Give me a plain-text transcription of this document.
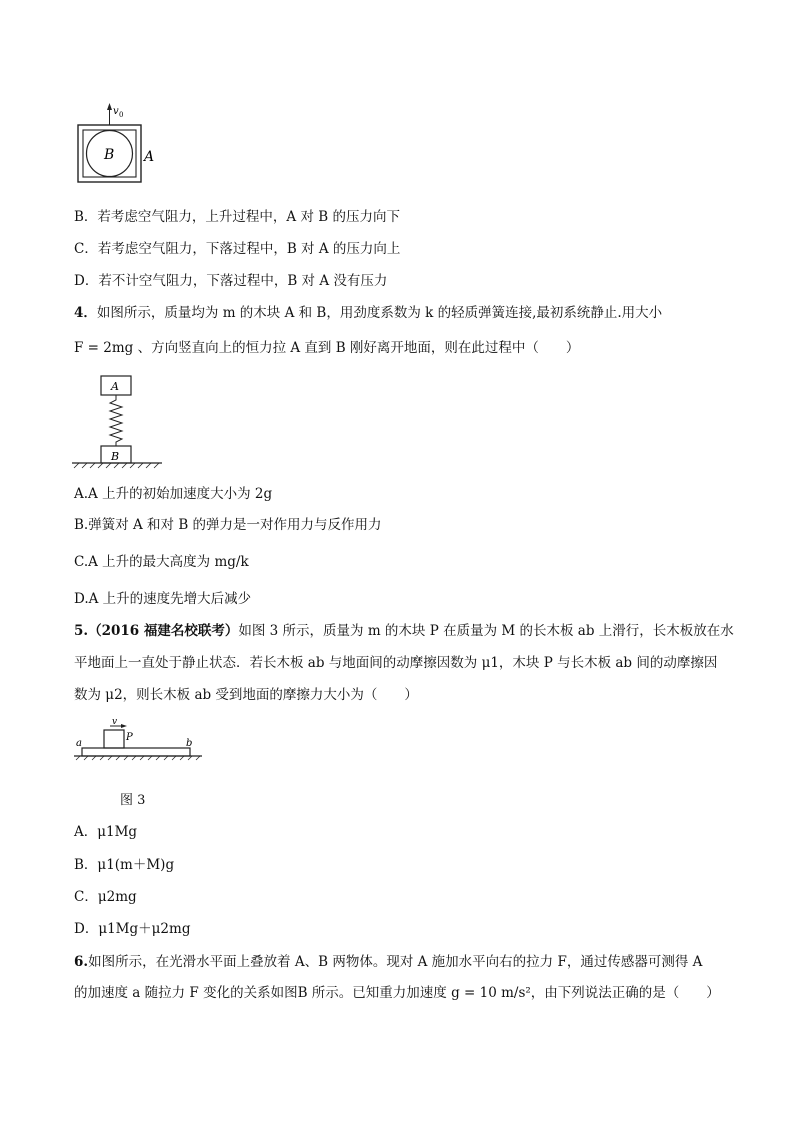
v 0
B A
B．若考虑空气阻力，上升过程中，A 对 B 的压力向下
C．若考虑空气阻力，下落过程中，B 对 A 的压力向上
D．若不计空气阻力，下落过程中，B 对 A 没有压力
4．如图所示，质量均为 m 的木块 A 和 B，用劲度系数为 k 的轻质弹簧连接,最初系统静止.用大小
F = 2mg 、方向竖直向上的恒力拉 A 直到 B 刚好离开地面，则在此过程中（　　）
A
B
A.A 上升的初始加速度大小为 2g
B.弹簧对 A 和对 B 的弹力是一对作用力与反作用力
C.A 上升的最大高度为 mg/k
D.A 上升的速度先增大后减少
5.（2016 福建名校联考）如图 3 所示，质量为 m 的木块 P 在质量为 M 的长木板 ab 上滑行，长木板放在水
平地面上一直处于静止状态．若长木板 ab 与地面间的动摩擦因数为 μ1，木块 P 与长木板 ab 间的动摩擦因
数为 μ2，则长木板 ab 受到地面的摩擦力大小为（　　）
v
P
a	b
图 3
A．μ1Mg
B．μ1(m＋M)g
C．μ2mg
D．μ1Mg＋μ2mg
6.如图所示，在光滑水平面上叠放着 A、B 两物体。现对 A 施加水平向右的拉力 F，通过传感器可测得 A
的加速度 a 随拉力 F 变化的关系如图B 所示。已知重力加速度 g = 10 m/s²，由下列说法正确的是（　　）
